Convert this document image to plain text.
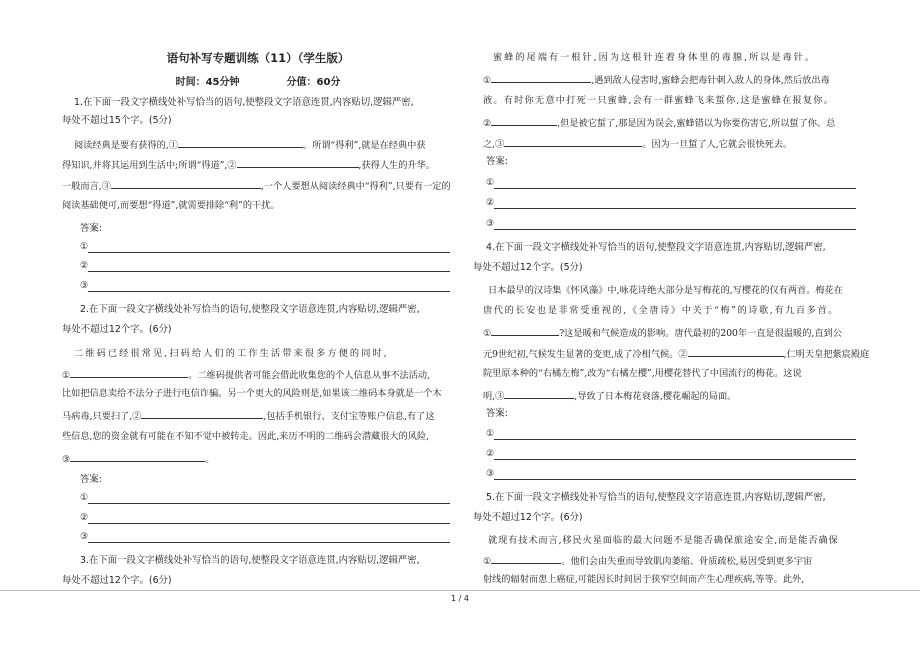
语句补写专题训练（11）（学生版）
时间：45分钟	分值：60分
1.在下面一段文字横线处补写恰当的语句,使整段文字语意连贯,内容贴切,逻辑严密,
每处不超过15个字。(5分)
阅读经典是要有获得的,①	。所谓“得利”,就是在经典中获
得知识,并将其运用到生活中;所谓“得道”,②	,获得人生的升华。
一般而言,③	,一个人要想从阅读经典中“得利”,只要有一定的
阅读基础便可,而要想“得道”,就需要排除“利”的干扰。
答案:
①
②
③
2.在下面一段文字横线处补写恰当的语句,使整段文字语意连贯,内容贴切,逻辑严密,
每处不超过12个字。(6分)
二维码已经很常见,扫码给人们的工作生活带来很多方便的同时,
①	。二维码提供者可能会借此收集您的个人信息从事不法活动,
比如把信息卖给不法分子进行电信诈骗。另一个更大的风险则是,如果该二维码本身就是一个木
马病毒,只要扫了,②	,包括手机银行、支付宝等账户信息,有了这
些信息,您的资金就有可能在不知不觉中被转走。因此,来历不明的二维码会潜藏很大的风险,
③	。
答案:
①
②
③
3.在下面一段文字横线处补写恰当的语句,使整段文字语意连贯,内容贴切,逻辑严密,
每处不超过12个字。(6分)
蜜蜂的尾端有一根针,因为这根针连着身体里的毒腺,所以是毒针。
①	,遇到敌人侵害时,蜜蜂会把毒针刺入敌人的身体,然后放出毒
液。有时你无意中打死一只蜜蜂,会有一群蜜蜂飞来蜇你,这是蜜蜂在报复你。
②	,但是被它蜇了,那是因为误会,蜜蜂错以为你要伤害它,所以蜇了你。总
之,③	。因为一旦蜇了人,它就会很快死去。
答案:
①
②
③
4.在下面一段文字横线处补写恰当的语句,使整段文字语意连贯,内容贴切,逻辑严密,
每处不超过12个字。(5分)
日本最早的汉诗集《怀风藻》中,咏花诗绝大部分是写梅花的,写樱花的仅有两首。梅花在
唐代的长安也是非常受重视的,《全唐诗》中关于“梅”的诗歌,有九百多首。
①	?这是暖和气候造成的影响。唐代最初的200年一直是很温暖的,直到公
元9世纪初,气候发生显著的变更,成了冷相气候。②	,仁明天皇把紫宸殿庭
院里原本种的“右橘左梅”,改为“右橘左樱”,用樱花替代了中国流行的梅花。这说
明,③	,导致了日本梅花衰落,樱花崛起的局面。
答案:
①
②
③
5.在下面一段文字横线处补写恰当的语句,使整段文字语意连贯,内容贴切,逻辑严密,
每处不超过12个字。(6分)
就现有技术而言,移民火星面临的最大问题不是能否确保旅途安全,而是能否确保
①	。他们会由失重而导致肌肉萎缩、骨质疏松,易因受到更多宇宙
射线的辐射而患上癌症,可能因长时间居于狭窄空间而产生心理疾病,等等。此外,
1 / 4
